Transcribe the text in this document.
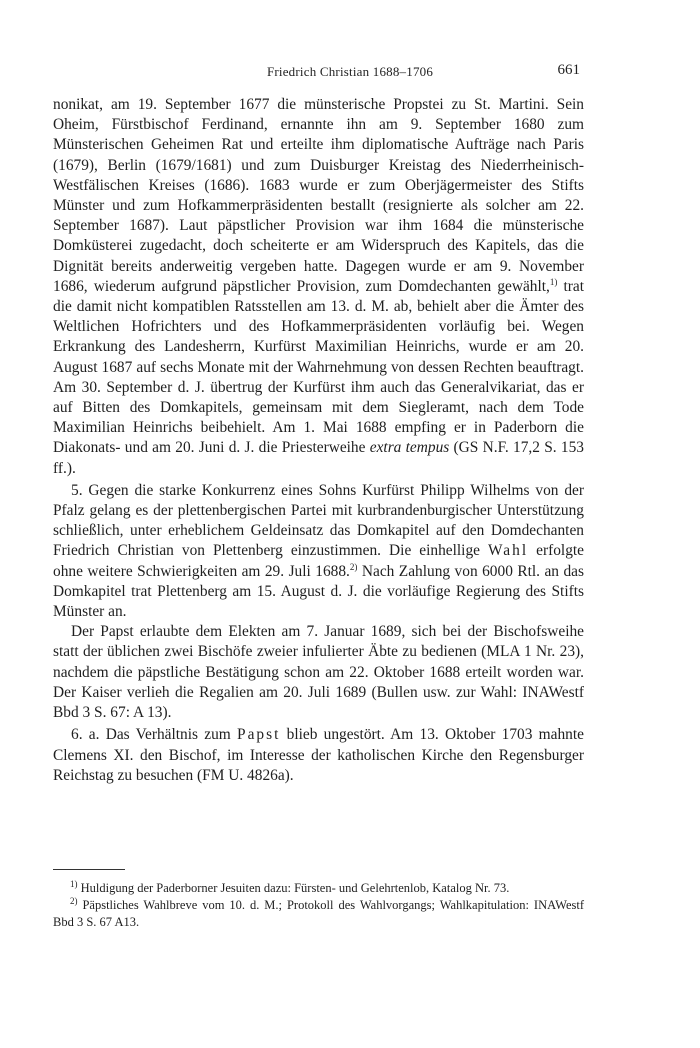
Friedrich Christian 1688–1706	661

nonikat, am 19. September 1677 die münsterische Propstei zu St. Martini. Sein Oheim, Fürstbischof Ferdinand, ernannte ihn am 9. September 1680 zum Münsterischen Geheimen Rat und erteilte ihm diplomatische Aufträge nach Paris (1679), Berlin (1679/1681) und zum Duisburger Kreistag des Niederrheinisch-Westfälischen Kreises (1686). 1683 wurde er zum Oberjägermeister des Stifts Münster und zum Hofkammerpräsidenten bestallt (resignierte als solcher am 22. September 1687). Laut päpstlicher Provision war ihm 1684 die münsterische Domküsterei zugedacht, doch scheiterte er am Widerspruch des Kapitels, das die Dignität bereits anderweitig vergeben hatte. Dagegen wurde er am 9. November 1686, wiederum aufgrund päpstlicher Provision, zum Domdechanten gewählt,$^{1)}$ trat die damit nicht kompatiblen Ratsstellen am 13. d. M. ab, behielt aber die Ämter des Weltlichen Hofrichters und des Hofkammerpräsidenten vorläufig bei. Wegen Erkrankung des Landesherrn, Kurfürst Maximilian Heinrichs, wurde er am 20. August 1687 auf sechs Monate mit der Wahrnehmung von dessen Rechten beauftragt. Am 30. September d. J. übertrug der Kurfürst ihm auch das Generalvikariat, das er auf Bitten des Domkapitels, gemeinsam mit dem Siegleramt, nach dem Tode Maximilian Heinrichs beibehielt. Am 1. Mai 1688 empfing er in Paderborn die Diakonats- und am 20. Juni d. J. die Priesterweihe extra tempus (GS N.F. 17,2 S. 153 ff.).

5. Gegen die starke Konkurrenz eines Sohns Kurfürst Philipp Wilhelms von der Pfalz gelang es der plettenbergischen Partei mit kurbrandenburgischer Unterstützung schließlich, unter erheblichem Geldeinsatz das Domkapitel auf den Domdechanten Friedrich Christian von Plettenberg einzustimmen. Die einhellige Wahl erfolgte ohne weitere Schwierigkeiten am 29. Juli 1688.$^{2)}$ Nach Zahlung von 6000 Rtl. an das Domkapitel trat Plettenberg am 15. August d. J. die vorläufige Regierung des Stifts Münster an.

Der Papst erlaubte dem Elekten am 7. Januar 1689, sich bei der Bischofsweihe statt der üblichen zwei Bischöfe zweier infulierter Äbte zu bedienen (MLA 1 Nr. 23), nachdem die päpstliche Bestätigung schon am 22. Oktober 1688 erteilt worden war. Der Kaiser verlieh die Regalien am 20. Juli 1689 (Bullen usw. zur Wahl: INAWestf Bbd 3 S. 67: A 13).

6. a. Das Verhältnis zum Papst blieb ungestört. Am 13. Oktober 1703 mahnte Clemens XI. den Bischof, im Interesse der katholischen Kirche den Regensburger Reichstag zu besuchen (FM U. 4826a).

$^{1)}$ Huldigung der Paderborner Jesuiten dazu: Fürsten- und Gelehrtenlob, Katalog Nr. 73.

$^{2)}$ Päpstliches Wahlbreve vom 10. d. M.; Protokoll des Wahlvorgangs; Wahlkapitulation: INAWestf Bbd 3 S. 67 A13.
